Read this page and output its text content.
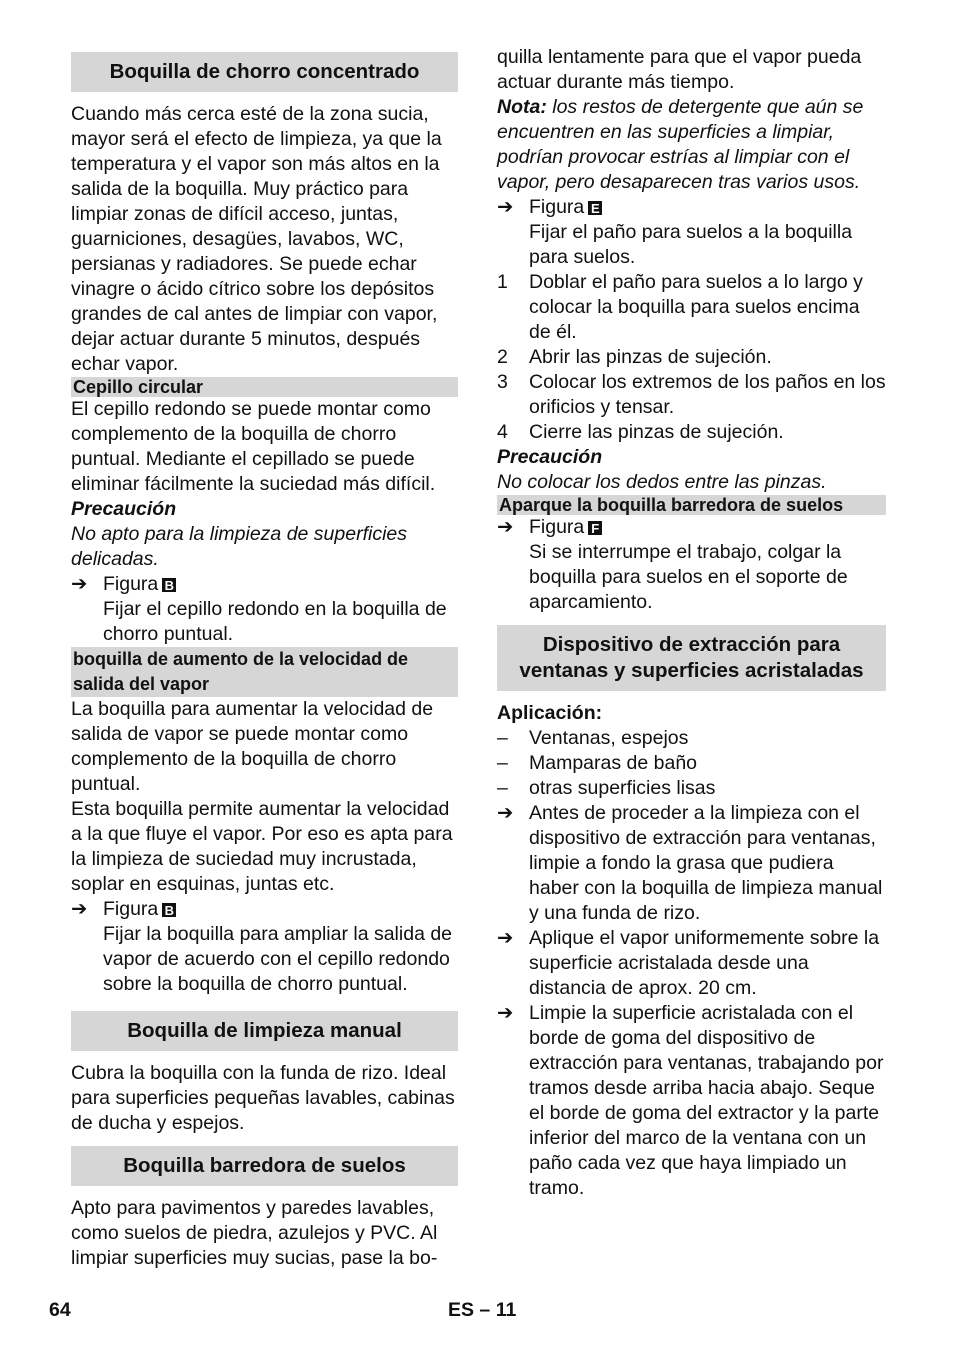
Boquilla de chorro concentrado

Cuando más cerca esté de la zona sucia, mayor será el efecto de limpieza, ya que la temperatura y el vapor son más altos en la salida de la boquilla. Muy práctico para limpiar zonas de difícil acceso, juntas, guarniciones, desagües, lavabos, WC, persianas y radiadores. Se puede echar vinagre o ácido cítrico sobre los depósitos grandes de cal antes de limpiar con vapor, dejar actuar durante 5 minutos, después echar vapor.

Cepillo circular

El cepillo redondo se puede montar como complemento de la boquilla de chorro puntual. Mediante el cepillado se puede eliminar fácilmente la suciedad más difícil.

Precaución

No apto para la limpieza de superficies delicadas.

➔ Figura B

Fijar el cepillo redondo en la boquilla de chorro puntual.

boquilla de aumento de la velocidad de salida del vapor

La boquilla para aumentar la velocidad de salida de vapor se puede montar como complemento de la boquilla de chorro puntual.

Esta boquilla permite aumentar la velocidad a la que fluye el vapor. Por eso es apta para la limpieza de suciedad muy incrustada, soplar en esquinas, juntas etc.

➔ Figura B

Fijar la boquilla para ampliar la salida de vapor de acuerdo con el cepillo redondo sobre la boquilla de chorro puntual.

Boquilla de limpieza manual

Cubra la boquilla con la funda de rizo. Ideal para superficies pequeñas lavables, cabinas de ducha y espejos.

Boquilla barredora de suelos

Apto para pavimentos y paredes lavables, como suelos de piedra, azulejos y PVC. Al limpiar superficies muy sucias, pase la bo-

quilla lentamente para que el vapor pueda actuar durante más tiempo.

Nota: los restos de detergente que aún se encuentren en las superficies a limpiar, podrían provocar estrías al limpiar con el vapor, pero desaparecen tras varios usos.

➔ Figura E

Fijar el paño para suelos a la boquilla para suelos.

1	Doblar el paño para suelos a lo largo y colocar la boquilla para suelos encima de él.
2	Abrir las pinzas de sujeción.
3	Colocar los extremos de los paños en los orificios y tensar.
4	Cierre las pinzas de sujeción.

Precaución

No colocar los dedos entre las pinzas.

Aparque la boquilla barredora de suelos
➔ Figura F

Si se interrumpe el trabajo, colgar la boquilla para suelos en el soporte de aparcamiento.

Dispositivo de extracción para ventanas y superficies acristaladas

Aplicación:

–	Ventanas, espejos
–	Mamparas de baño
–	otras superficies lisas
➔ Antes de proceder a la limpieza con el dispositivo de extracción para ventanas, limpie a fondo la grasa que pudiera haber con la boquilla de limpieza manual y una funda de rizo.
➔ Aplique el vapor uniformemente sobre la superficie acristalada desde una distancia de aprox. 20 cm.
➔ Limpie la superficie acristalada con el borde de goma del dispositivo de extracción para ventanas, trabajando por tramos desde arriba hacia abajo. Seque el borde de goma del extractor y la parte inferior del marco de la ventana con un paño cada vez que haya limpiado un tramo.
64	ES – 11
